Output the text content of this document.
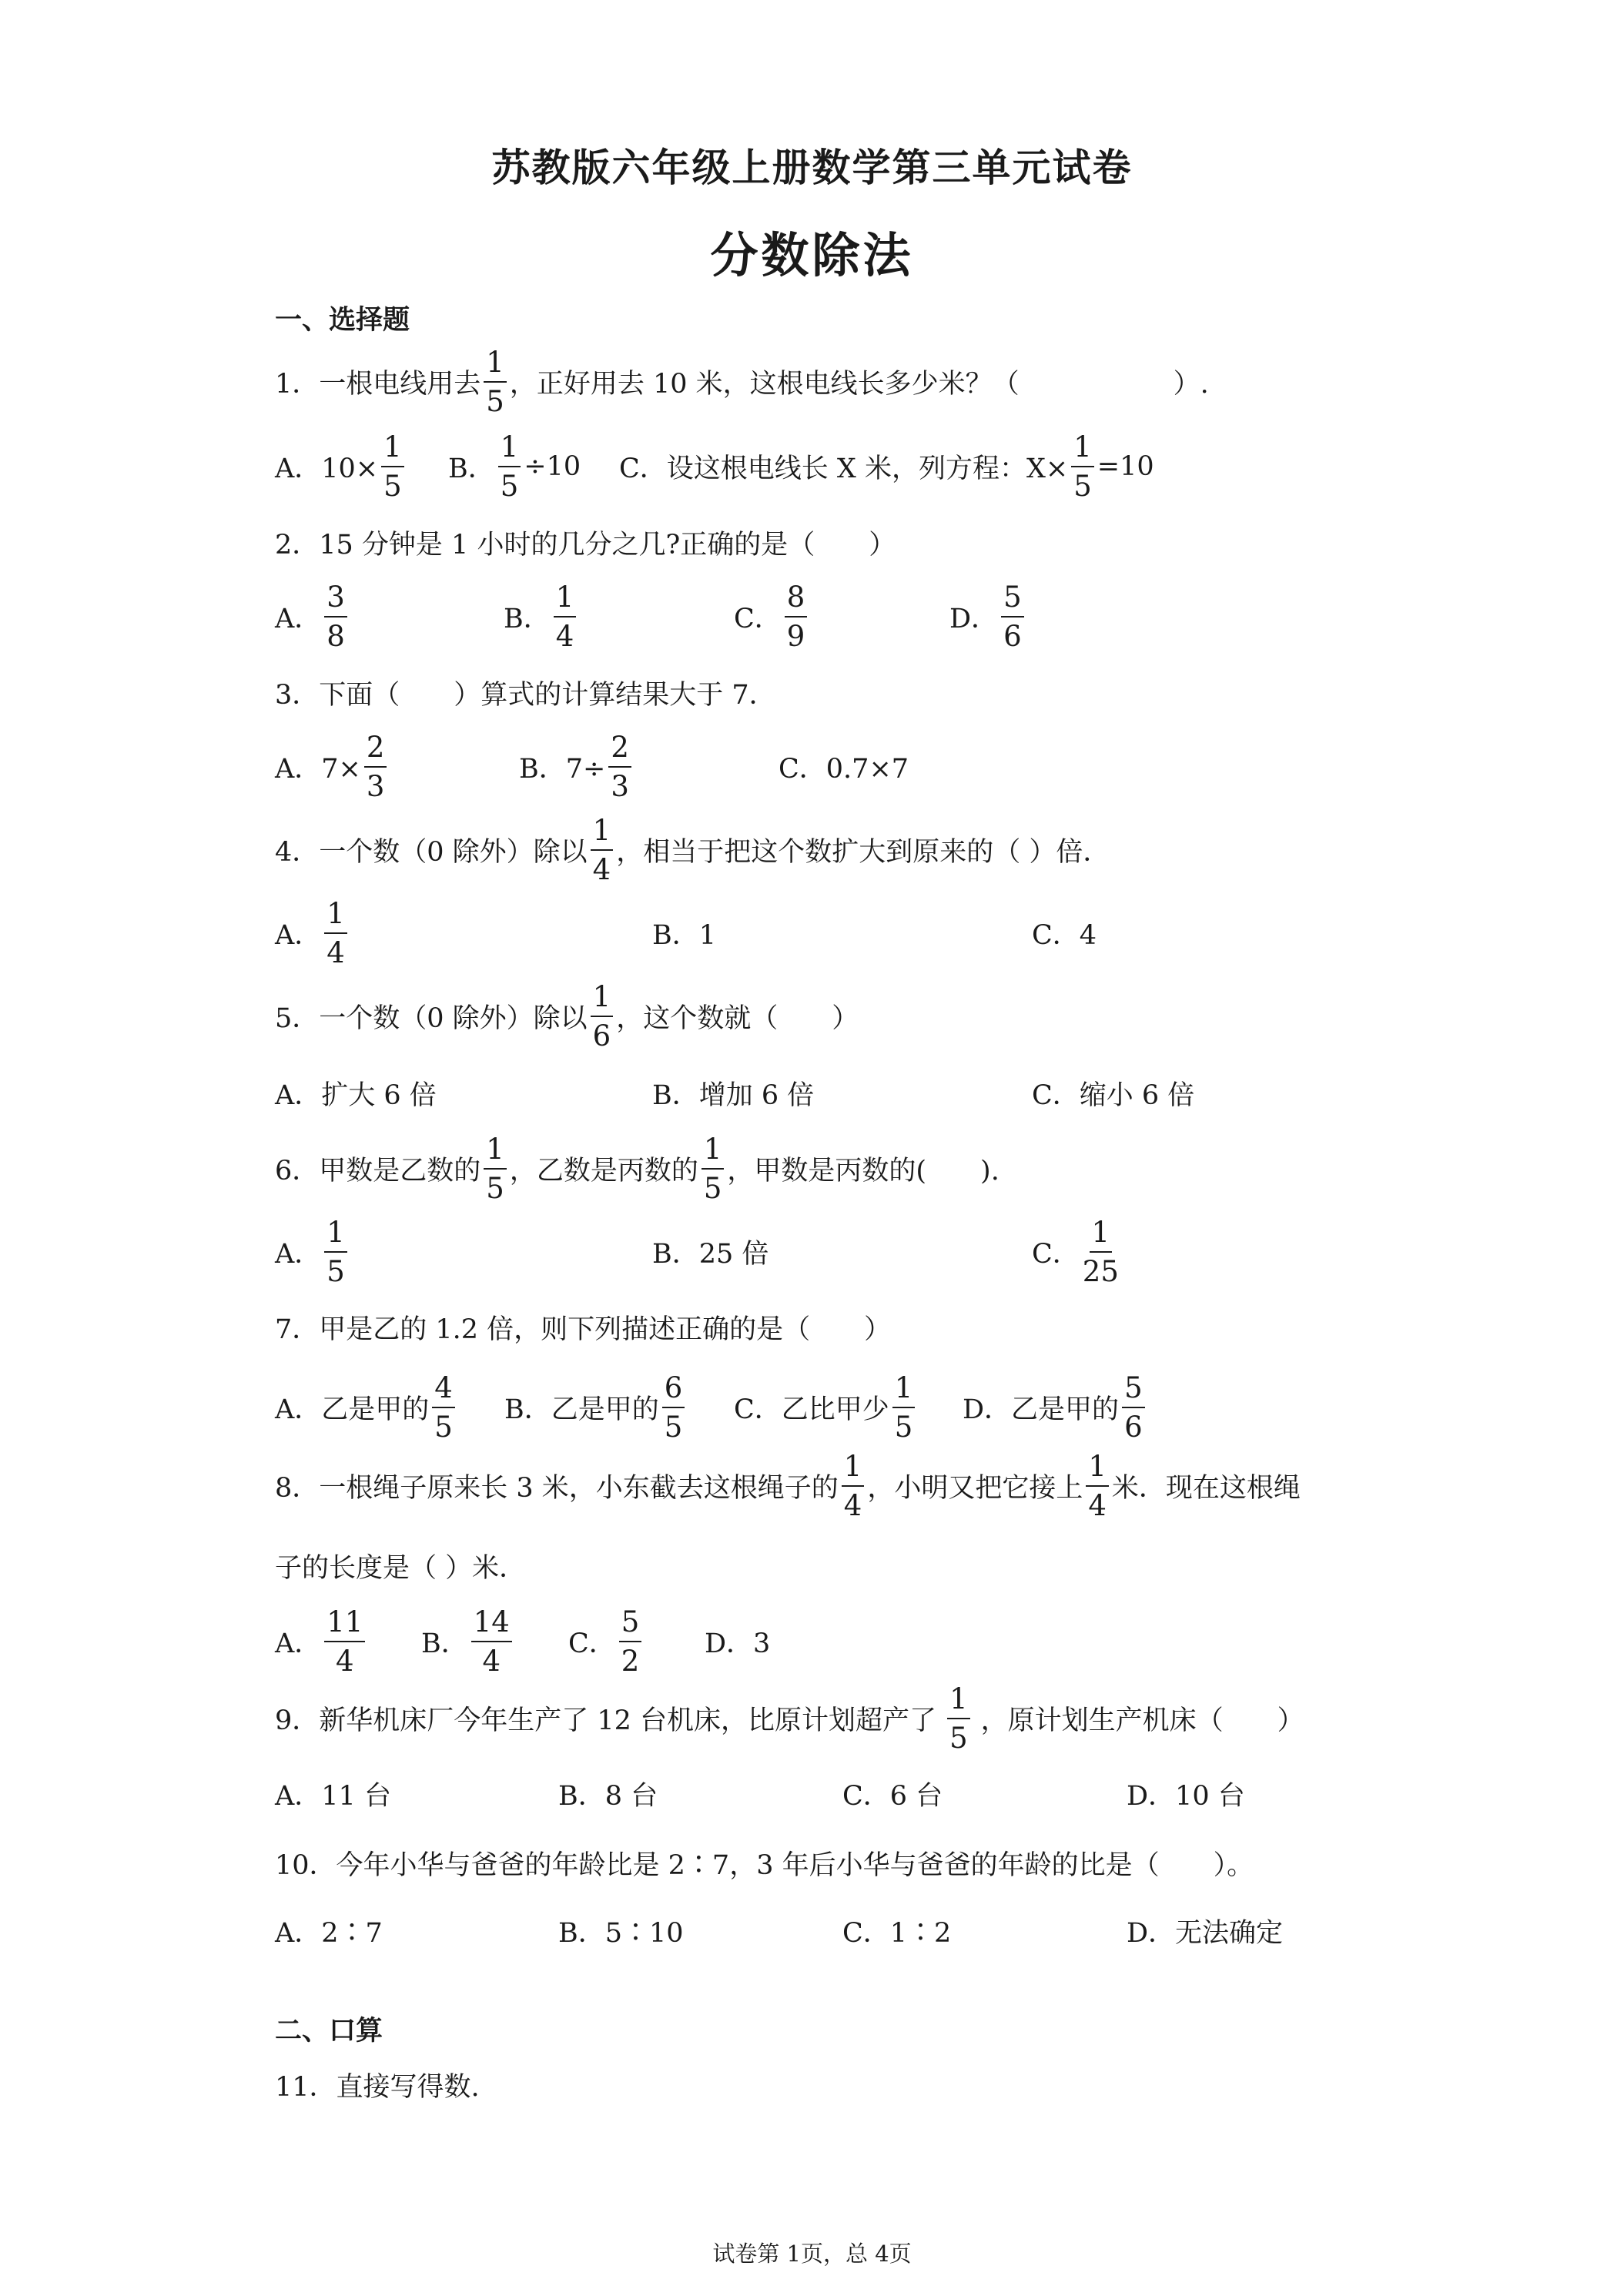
苏教版六年级上册数学第三单元试卷
分数除法
一、选择题
1．一根电线用去 $\frac{1}{5}$ ，正好用去 10 米，这根电线长多少米？（	）.
A．$10\times \frac{1}{5}$ B． $\frac{1}{5} \div 10$ C．设这根电线长 X 米，列方程：$X\times \frac{1}{5} =10$
2．15 分钟是 1 小时的几分之几?正确的是（　　）
A． $\frac{3}{8}$	B． $\frac{1}{4}$	C． $\frac{8}{9}$	D． $\frac{5}{6}$
3．下面（　　）算式的计算结果大于 7．
A．$7\times \frac{2}{3}$	B．$7\div \frac{2}{3}$	C．0.7×7
4．一个数（0 除外）除以 $\frac{1}{4}$ ，相当于把这个数扩大到原来的（ ）倍．
A． $\frac{1}{4}$	B．1	C．4
5．一个数（0 除外）除以 $\frac{1}{6}$ ，这个数就（　　）
A．扩大 6 倍	B．增加 6 倍	C．缩小 6 倍
6．甲数是乙数的 $\frac{1}{5}$ ，乙数是丙数的 $\frac{1}{5}$ ，甲数是丙数的(　　).
A． $\frac{1}{5}$	B．25 倍	C． $\frac{1}{25}$
7．甲是乙的 1.2 倍，则下列描述正确的是（　　）
A．乙是甲的 $\frac{4}{5}$ B．乙是甲的 $\frac{6}{5}$ C．乙比甲少 $\frac{1}{5}$ D．乙是甲的 $\frac{5}{6}$
8．一根绳子原来长 3 米，小东截去这根绳子的 $\frac{1}{4}$ ，小明又把它接上 $\frac{1}{4}$ 米．现在这根绳
子的长度是（ ）米．
A． $\frac{11}{4}$ B． $\frac{14}{4}$ C． $\frac{5}{2}$ D．3
9．新华机床厂今年生产了 12 台机床，比原计划超产了 $\frac{1}{5}$ ，原计划生产机床（　　）
A．11 台	B．8 台	C．6 台	D．10 台
10．今年小华与爸爸的年龄比是 2∶7，3 年后小华与爸爸的年龄的比是（　　）。
A．2∶7	B．5∶10	C．1∶2	D．无法确定
二、口算
11．直接写得数.
试卷第 1页，总 4页
